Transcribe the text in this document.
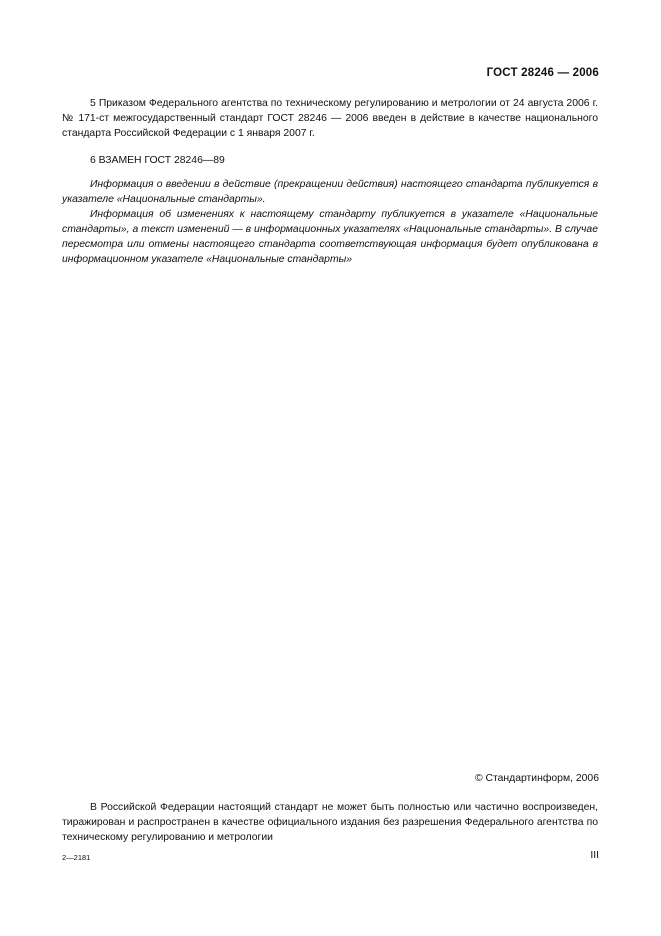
ГОСТ 28246 — 2006

5 Приказом Федерального агентства по техническому регулированию и метрологии от 24 августа 2006 г. № 171-ст межгосударственный стандарт ГОСТ 28246 — 2006 введен в действие в качестве национального стандарта Российской Федерации с 1 января 2007 г.

6 ВЗАМЕН ГОСТ 28246—89

Информация о введении в действие (прекращении действия) настоящего стандарта публикуется в указателе «Национальные стандарты».

Информация об изменениях к настоящему стандарту публикуется в указателе «Национальные стандарты», а текст изменений — в информационных указателях «Национальные стандарты». В случае пересмотра или отмены настоящего стандарта соответствующая информация будет опубликована в информационном указателе «Национальные стандарты»

© Стандартинформ, 2006

В Российской Федерации настоящий стандарт не может быть полностью или частично воспроизведен, тиражирован и распространен в качестве официального издания без разрешения Федерального агентства по техническому регулированию и метрологии

2—2181	III
